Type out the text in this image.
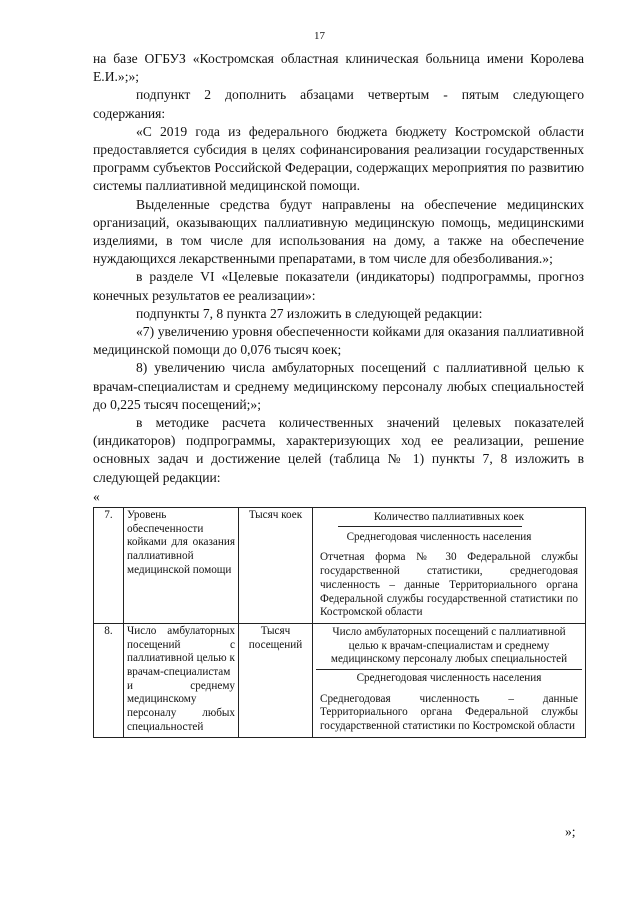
17

на базе ОГБУЗ «Костромская областная клиническая больница имени Королева Е.И.»;»;

подпункт 2 дополнить абзацами четвертым - пятым следующего содержания:

«С 2019 года из федерального бюджета бюджету Костромской области предоставляется субсидия в целях софинансирования реализации государственных программ субъектов Российской Федерации, содержащих мероприятия по развитию системы паллиативной медицинской помощи.

Выделенные средства будут направлены на обеспечение медицинских организаций, оказывающих паллиативную медицинскую помощь, медицинскими изделиями, в том числе для использования на дому, а также на обеспечение нуждающихся лекарственными препаратами, в том числе для обезболивания.»;

в разделе VI «Целевые показатели (индикаторы) подпрограммы, прогноз конечных результатов ее реализации»:

подпункты 7, 8 пункта 27 изложить в следующей редакции:

«7) увеличению уровня обеспеченности койками для оказания паллиативной медицинской помощи до 0,076 тысяч коек;

8) увеличению числа амбулаторных посещений с паллиативной целью к врачам-специалистам и среднему медицинскому персоналу любых специальностей до 0,225 тысяч посещений;»;

в методике расчета количественных значений целевых показателей (индикаторов) подпрограммы, характеризующих ход ее реализации, решение основных задач и достижение целей (таблица № 1) пункты 7, 8 изложить в следующей редакции:

«
7.	Уровень обеспеченности койками для оказания паллиативной медицинской помощи	Тысяч коек	Количество паллиативных коек
Среднегодовая численность населения
Отчетная форма № 30 Федеральной службы государственной статистики, среднегодовая численность – данные Территориального органа Федеральной службы государственной статистики по Костромской области

8.	Число амбулаторных посещений с паллиативной целью к врачам-специалистам и среднему медицинскому персоналу любых специальностей	Тысяч посещений	Число амбулаторных посещений с паллиативной целью к врачам-специалистам и среднему медицинскому персоналу любых специальностей
Среднегодовая численность населения
Среднегодовая численность – данные Территориального органа Федеральной службы государственной статистики по Костромской области
»;
